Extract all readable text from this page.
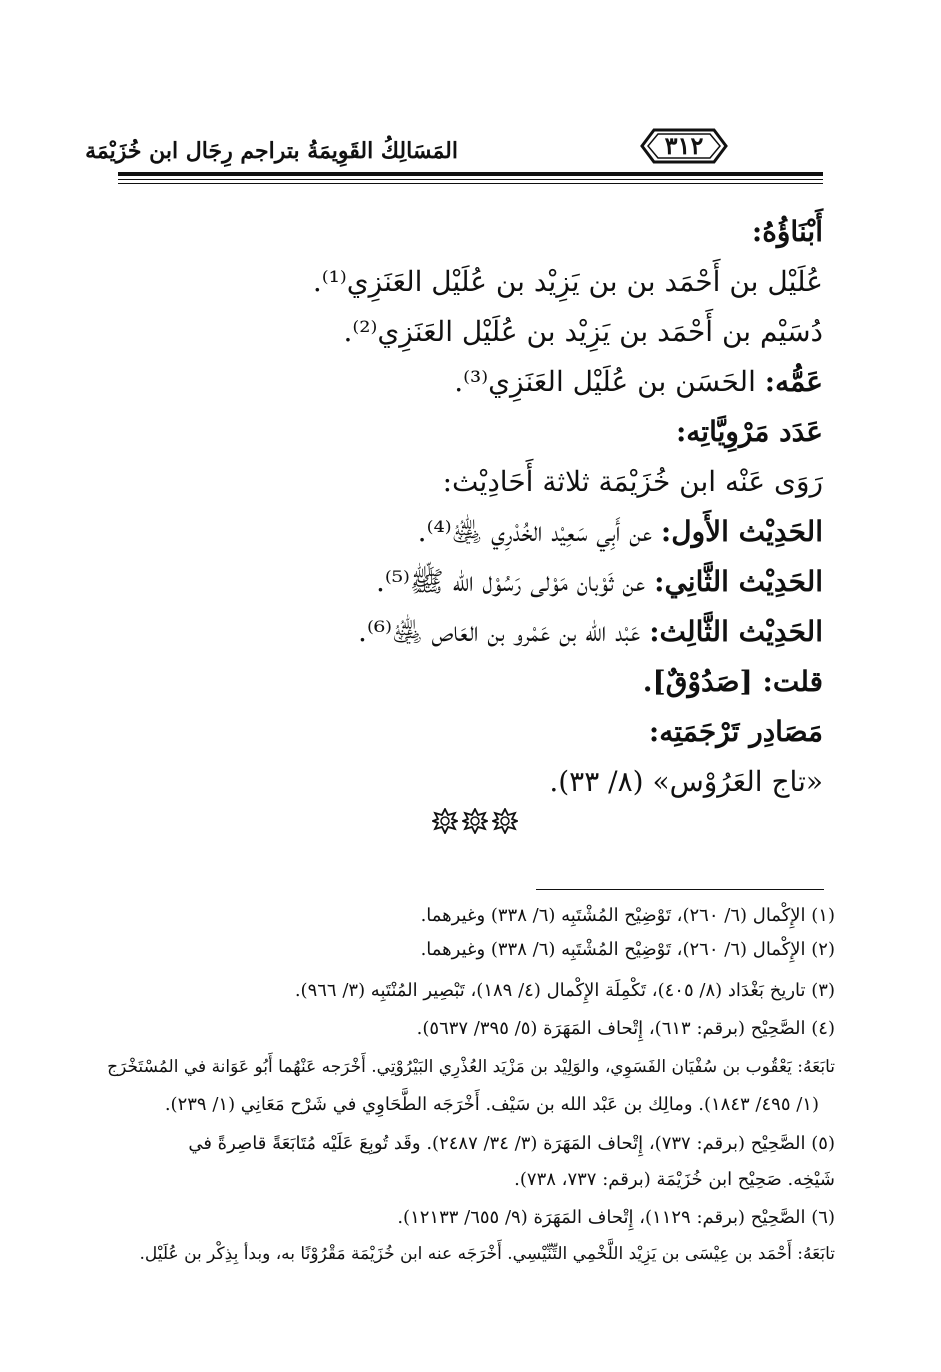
المَسَالِكُ القَوِيمَةُ بتراجم رِجَال ابن خُزَيْمَة	٣١٢
أَبْنَاؤُهُ:
عُلَيْل بن أَحْمَد بن بن يَزِيْد بن عُلَيْل العَنَزِي⁽¹⁾.
دُسَيْم بن أَحْمَد بن يَزِيْد بن عُلَيْل العَنَزِي⁽²⁾.
عَمُّه: الحَسَن بن عُلَيْل العَنَزِي⁽³⁾.
عَدَد مَرْوِيَّاتِه:
رَوَى عَنْه ابن خُزَيْمَة ثلاثة أَحَادِيْث:
الحَدِيْث الأَول: عن أَبِي سَعِيْد الخُدْرِي ﵁⁽⁴⁾.
الحَدِيْث الثَّانِي: عن ثَوْبان مَوْلى رَسُوْل الله ﷺ⁽⁵⁾.
الحَدِيْث الثَّالِث: عَبْد الله بن عَمْرو بن العَاص ﵁⁽⁶⁾.
قلت: [صَدُوْقٌ].
مَصَادِر تَرْجَمَتِه:
«تاج العَرُوْس» (٨/ ٣٣).
(١) الإِكْمال (٦/ ٢٦٠)، تَوْضِيْح المُشْتَبِه (٦/ ٣٣٨) وغيرهما.
(٢) الإِكْمال (٦/ ٢٦٠)، تَوْضِيْح المُشْتَبِه (٦/ ٣٣٨) وغيرهما.
(٣) تاريخ بَغْدَاد (٨/ ٤٠٥)، تَكْمِلَة الإِكْمال (٤/ ١٨٩)، تَبْصِير المُنْتَبِه (٣/ ٩٦٦).
(٤) الصَّحِيْح (برقم: ٦١٣)، إِتْحاف المَهَرَة (٥/ ٣٩٥/ ٥٦٣٧).
تابَعَهُ: يَعْقُوب بن سُفْيَان الفَسَوِي، والوَلِيْد بن مَزْيَد العُذْرِي البَيْرُوْتِي. أَخْرَجه عَنْهُما أَبُو عَوَانة في المُسْتَخْرَج
(١/ ٤٩٥/ ١٨٤٣). ومالِك بن عَبْد الله بن سَيْف. أَخْرَجَه الطَّحَاوِي في شَرْح مَعَانِي (١/ ٢٣٩).
(٥) الصَّحِيْح (برقم: ٧٣٧)، إِتْحاف المَهَرَة (٣/ ٣٤/ ٢٤٨٧). وقَد تُوبِعَ عَلَيْه مُتَابَعَةً قاصِرةً في
شَيْخِه. صَحِيْح ابن خُزَيْمَة (برقم: ٧٣٧، ٧٣٨).
(٦) الصَّحِيْح (برقم: ١١٢٩)، إِتْحاف المَهَرَة (٩/ ٦٥٥/ ١٢١٣٣).
تابَعَهُ: أَحْمَد بن عِيْسَى بن يَزِيْد اللَّخْمِي التِّنِّيْسِي. أَخْرَجَه عنه ابن خُزَيْمَة مَقْرُوْنًا به، وبدأ بِذِكْر بن عُلَيْل.
